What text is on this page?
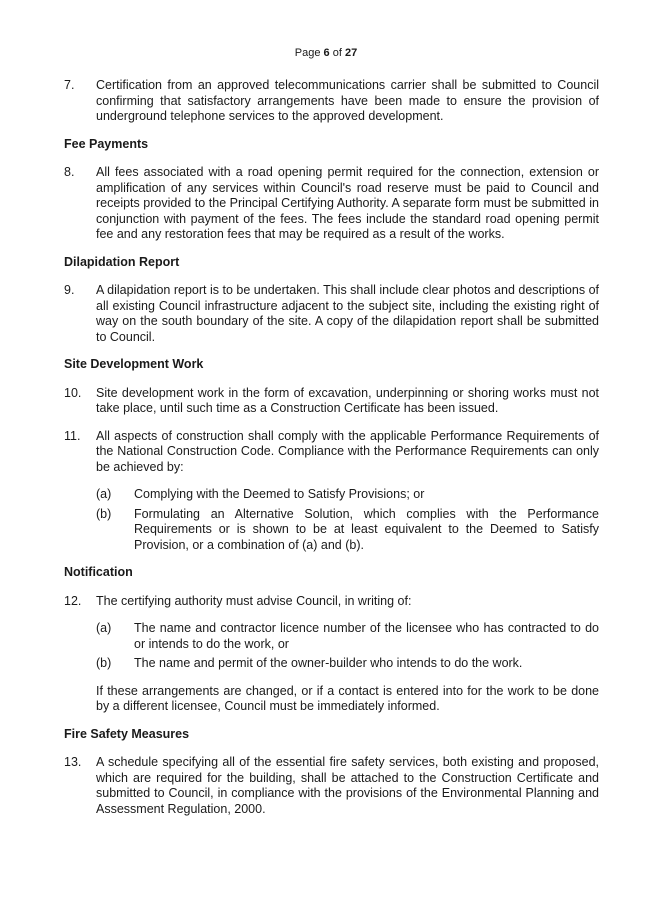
Page 6 of 27
7.	Certification from an approved telecommunications carrier shall be submitted to Council confirming that satisfactory arrangements have been made to ensure the provision of underground telephone services to the approved development.
Fee Payments
8.	All fees associated with a road opening permit required for the connection, extension or amplification of any services within Council's road reserve must be paid to Council and receipts provided to the Principal Certifying Authority. A separate form must be submitted in conjunction with payment of the fees. The fees include the standard road opening permit fee and any restoration fees that may be required as a result of the works.
Dilapidation Report
9.	A dilapidation report is to be undertaken. This shall include clear photos and descriptions of all existing Council infrastructure adjacent to the subject site, including the existing right of way on the south boundary of the site. A copy of the dilapidation report shall be submitted to Council.
Site Development Work
10.	Site development work in the form of excavation, underpinning or shoring works must not take place, until such time as a Construction Certificate has been issued.
11.	All aspects of construction shall comply with the applicable Performance Requirements of the National Construction Code. Compliance with the Performance Requirements can only be achieved by:
(a)	Complying with the Deemed to Satisfy Provisions; or
(b)	Formulating an Alternative Solution, which complies with the Performance Requirements or is shown to be at least equivalent to the Deemed to Satisfy Provision, or a combination of (a) and (b).
Notification
12.	The certifying authority must advise Council, in writing of:
(a)	The name and contractor licence number of the licensee who has contracted to do or intends to do the work, or
(b)	The name and permit of the owner-builder who intends to do the work.
If these arrangements are changed, or if a contact is entered into for the work to be done by a different licensee, Council must be immediately informed.
Fire Safety Measures
13.	A schedule specifying all of the essential fire safety services, both existing and proposed, which are required for the building, shall be attached to the Construction Certificate and submitted to Council, in compliance with the provisions of the Environmental Planning and Assessment Regulation, 2000.
